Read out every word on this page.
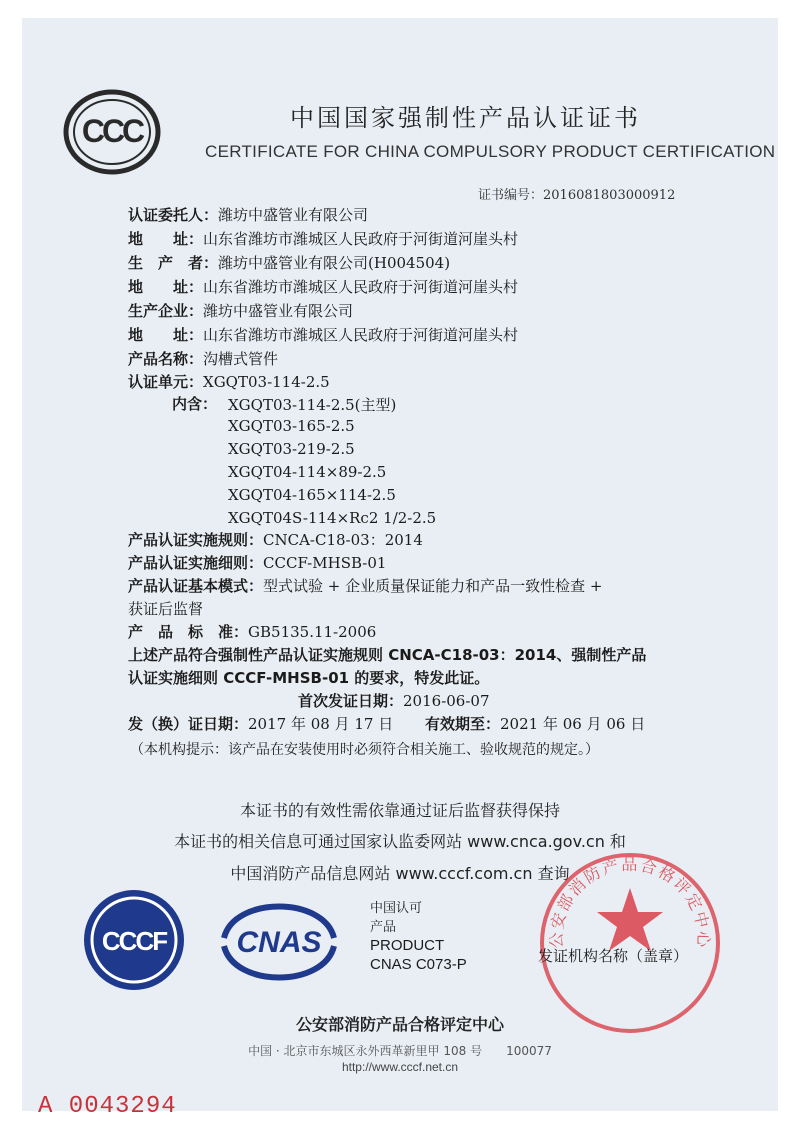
CCC	中国国家强制性产品认证证书
CERTIFICATE FOR CHINA COMPULSORY PRODUCT CERTIFICATION
证书编号：2016081803000912
认证委托人：潍坊中盛管业有限公司
地　　址：山东省潍坊市潍城区人民政府于河街道河崖头村
生　产　者：潍坊中盛管业有限公司(H004504)
地　　址：山东省潍坊市潍城区人民政府于河街道河崖头村
生产企业：潍坊中盛管业有限公司
地　　址：山东省潍坊市潍城区人民政府于河街道河崖头村
产品名称：沟槽式管件
认证单元：XGQT03-114-2.5
内含： XGQT03-114-2.5(主型)
XGQT03-165-2.5
XGQT03-219-2.5
XGQT04-114×89-2.5
XGQT04-165×114-2.5
XGQT04S-114×Rc2 1/2-2.5
产品认证实施规则：CNCA-C18-03：2014
产品认证实施细则：CCCF-MHSB-01
产品认证基本模式：型式试验 + 企业质量保证能力和产品一致性检查 +
获证后监督
产　品　标　准：GB5135.11-2006
上述产品符合强制性产品认证实施规则 CNCA-C18-03：2014、强制性产品
认证实施细则 CCCF-MHSB-01 的要求，特发此证。
首次发证日期：2016-06-07
发（换）证日期：2017 年 08 月 17 日 有效期至：2021 年 06 月 06 日
（本机构提示：该产品在安装使用时必须符合相关施工、验收规范的规定。）
本证书的有效性需依靠通过证后监督获得保持
本证书的相关信息可通过国家认监委网站 www.cnca.gov.cn 和
中国消防产品信息网站 www.cccf.com.cn 查询
CCCF CNAS
中国认可
产品
PRODUCT
CNAS C073-P
公安部消防产品合格评定中心
发证机构名称（盖章）
公安部消防产品合格评定中心
中国 · 北京市东城区永外西革新里甲 108 号　　100077
http://www.cccf.net.cn
A 0043294
